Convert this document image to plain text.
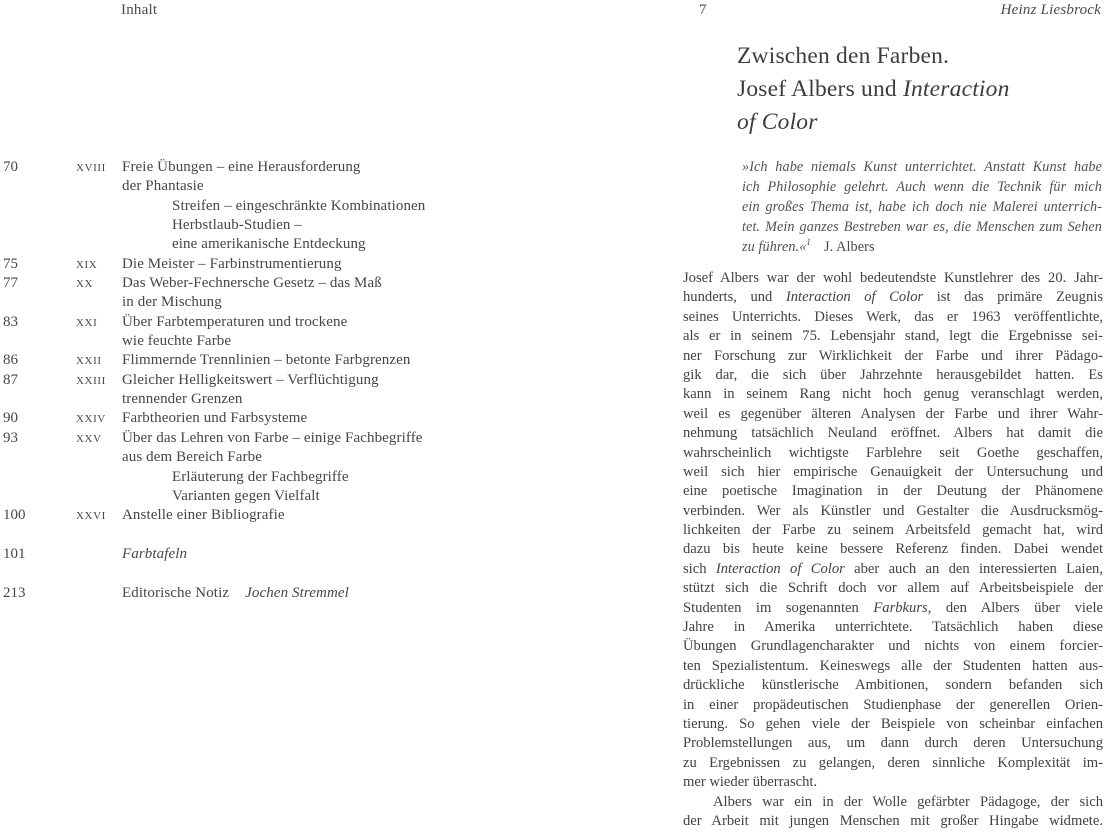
Inhalt
70	xviii Freie Übungen – eine Herausforderung
der Phantasie
Streifen – eingeschränkte Kombinationen
Herbstlaub-Studien –
eine amerikanische Entdeckung
75	xix Die Meister – Farbinstrumentierung
77	xx Das Weber-Fechnersche Gesetz – das Maß
in der Mischung
83	xxi Über Farbtemperaturen und trockene
wie feuchte Farbe
86	xxii Flimmernde Trennlinien – betonte Farbgrenzen
87	xxiii Gleicher Helligkeitswert – Verflüchtigung
trennender Grenzen
90	xxiv Farbtheorien und Farbsysteme
93	xxv Über das Lehren von Farbe – einige Fachbegriffe
aus dem Bereich Farbe
Erläuterung der Fachbegriffe
Varianten gegen Vielfalt
100	xxvi Anstelle einer Bibliografie
101	Farbtafeln
213	Editorische Notiz Jochen Stremmel
7	Heinz Liesbrock
Zwischen den Farben.
Josef Albers und Interaction
of Color
»Ich habe niemals Kunst unterrichtet. Anstatt Kunst habe
ich Philosophie gelehrt. Auch wenn die Technik für mich
ein großes Thema ist, habe ich doch nie Malerei unterrich-
tet. Mein ganzes Bestreben war es, die Menschen zum Sehen
zu führen.«$^1$ J. Albers
Josef Albers war der wohl bedeutendste Kunstlehrer des 20. Jahr-
hunderts, und Interaction of Color ist das primäre Zeugnis
seines Unterrichts. Dieses Werk, das er 1963 veröffentlichte,
als er in seinem 75. Lebensjahr stand, legt die Ergebnisse sei-
ner Forschung zur Wirklichkeit der Farbe und ihrer Pädago-
gik dar, die sich über Jahrzehnte herausgebildet hatten. Es
kann in seinem Rang nicht hoch genug veranschlagt werden,
weil es gegenüber älteren Analysen der Farbe und ihrer Wahr-
nehmung tatsächlich Neuland eröffnet. Albers hat damit die
wahrscheinlich wichtigste Farblehre seit Goethe geschaffen,
weil sich hier empirische Genauigkeit der Untersuchung und
eine poetische Imagination in der Deutung der Phänomene
verbinden. Wer als Künstler und Gestalter die Ausdrucksmög-
lichkeiten der Farbe zu seinem Arbeitsfeld gemacht hat, wird
dazu bis heute keine bessere Referenz finden. Dabei wendet
sich Interaction of Color aber auch an den interessierten Laien,
stützt sich die Schrift doch vor allem auf Arbeitsbeispiele der
Studenten im sogenannten Farbkurs, den Albers über viele
Jahre in Amerika unterrichtete. Tatsächlich haben diese
Übungen Grundlagencharakter und nichts von einem forcier-
ten Spezialistentum. Keineswegs alle der Studenten hatten aus-
drückliche künstlerische Ambitionen, sondern befanden sich
in einer propädeutischen Studienphase der generellen Orien-
tierung. So gehen viele der Beispiele von scheinbar einfachen
Problemstellungen aus, um dann durch deren Untersuchung
zu Ergebnissen zu gelangen, deren sinnliche Komplexität im-
mer wieder überrascht.
Albers war ein in der Wolle gefärbter Pädagoge, der sich
der Arbeit mit jungen Menschen mit großer Hingabe widmete.
